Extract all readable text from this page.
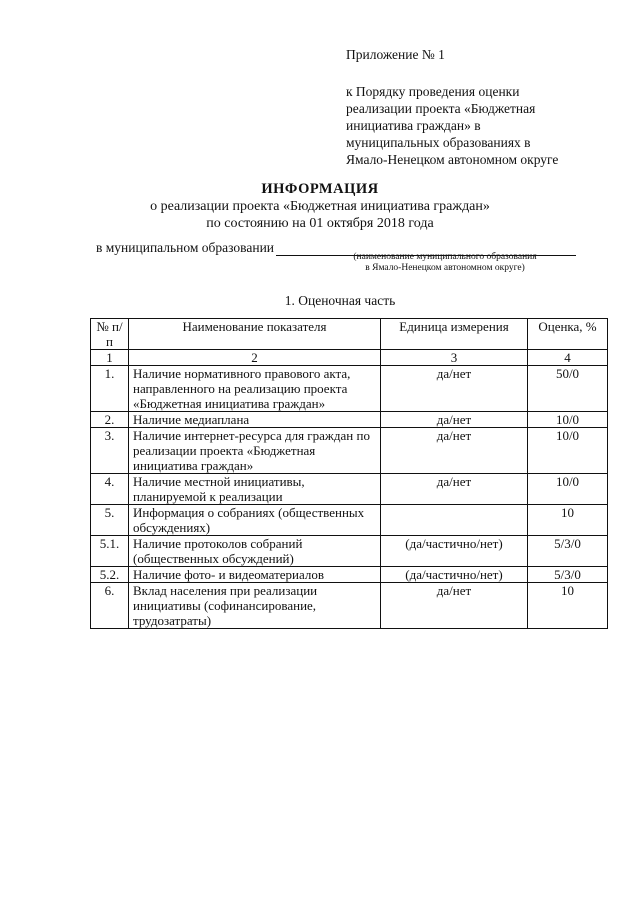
Приложение № 1
к Порядку проведения оценки
реализации проекта «Бюджетная
инициатива граждан» в
муниципальных образованиях в
Ямало-Ненецком автономном округе
ИНФОРМАЦИЯ
о реализации проекта «Бюджетная инициатива граждан»
по состоянию на 01 октября 2018 года
в муниципальном образовании
(наименование муниципального образования
в Ямало-Ненецком автономном округе)
1. Оценочная часть
№ п/п	Наименование показателя	Единица измерения	Оценка, %
1	2	3	4
1.	Наличие нормативного правового акта, направленного на реализацию проекта «Бюджетная инициатива граждан»	да/нет	50/0
2.	Наличие медиаплана	да/нет	10/0
3.	Наличие интернет-ресурса для граждан по реализации проекта «Бюджетная инициатива граждан»	да/нет	10/0
4.	Наличие местной инициативы, планируемой к реализации	да/нет	10/0
5.	Информация о собраниях (общественных обсуждениях)		10
5.1.	Наличие протоколов собраний (общественных обсуждений)	(да/частично/нет)	5/3/0
5.2.	Наличие фото- и видеоматериалов	(да/частично/нет)	5/3/0
6.	Вклад населения при реализации инициативы (софинансирование, трудозатраты)	да/нет	10
